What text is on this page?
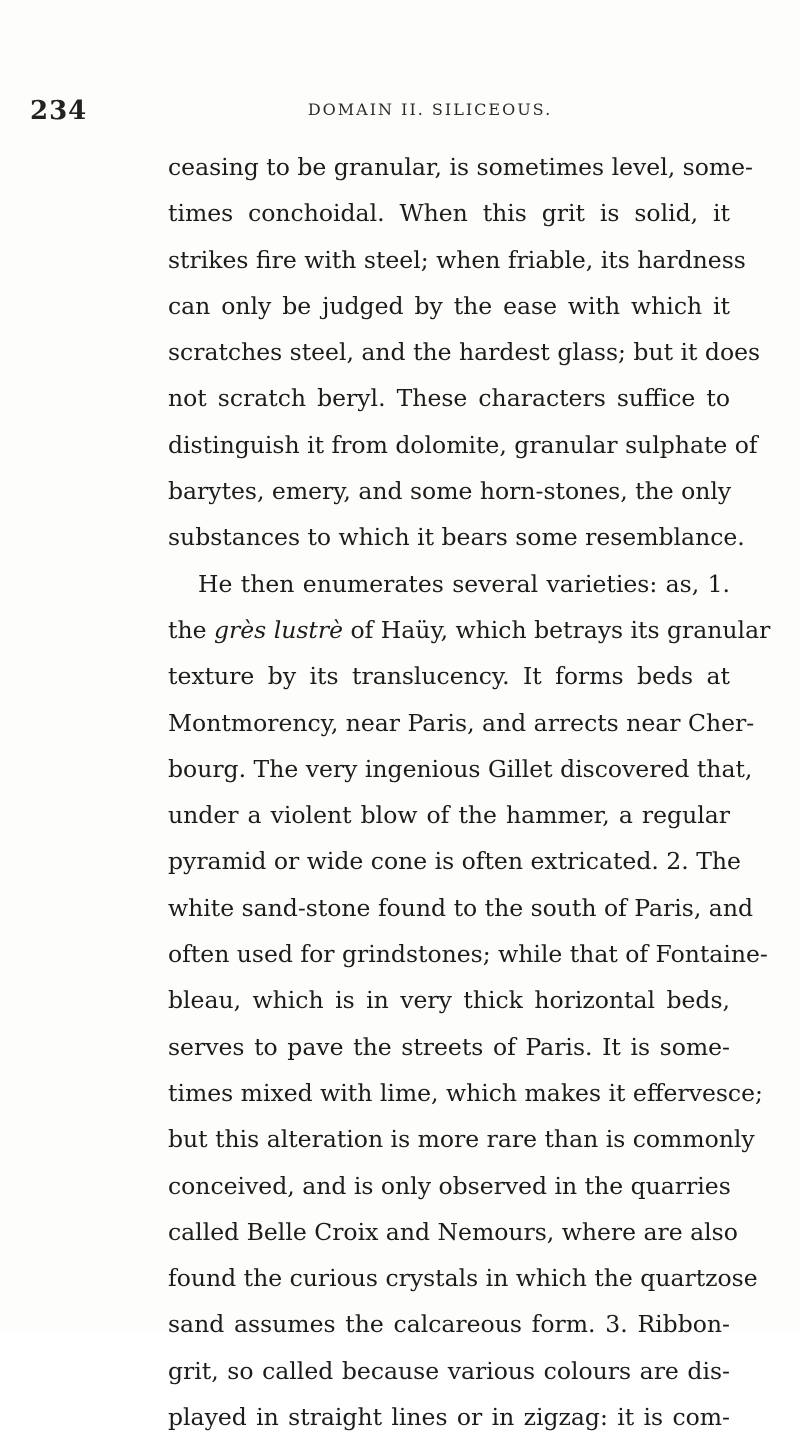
234	DOMAIN II. SILICEOUS.
ceasing to be granular, is sometimes level, some-
times conchoidal. When this grit is solid, it
strikes fire with steel; when friable, its hardness
can only be judged by the ease with which it
scratches steel, and the hardest glass; but it does
not scratch beryl. These characters suffice to
distinguish it from dolomite, granular sulphate of
barytes, emery, and some horn-stones, the only
substances to which it bears some resemblance.
He then enumerates several varieties: as, 1.
the grès lustrè of Haüy, which betrays its granular
texture by its translucency. It forms beds at
Montmorency, near Paris, and arrects near Cher-
bourg. The very ingenious Gillet discovered that,
under a violent blow of the hammer, a regular
pyramid or wide cone is often extricated. 2. The
white sand-stone found to the south of Paris, and
often used for grindstones; while that of Fontaine-
bleau, which is in very thick horizontal beds,
serves to pave the streets of Paris. It is some-
times mixed with lime, which makes it effervesce;
but this alteration is more rare than is commonly
conceived, and is only observed in the quarries
called Belle Croix and Nemours, where are also
found the curious crystals in which the quartzose
sand assumes the calcareous form. 3. Ribbon-
grit, so called because various colours are dis-
played in straight lines or in zigzag: it is com-
